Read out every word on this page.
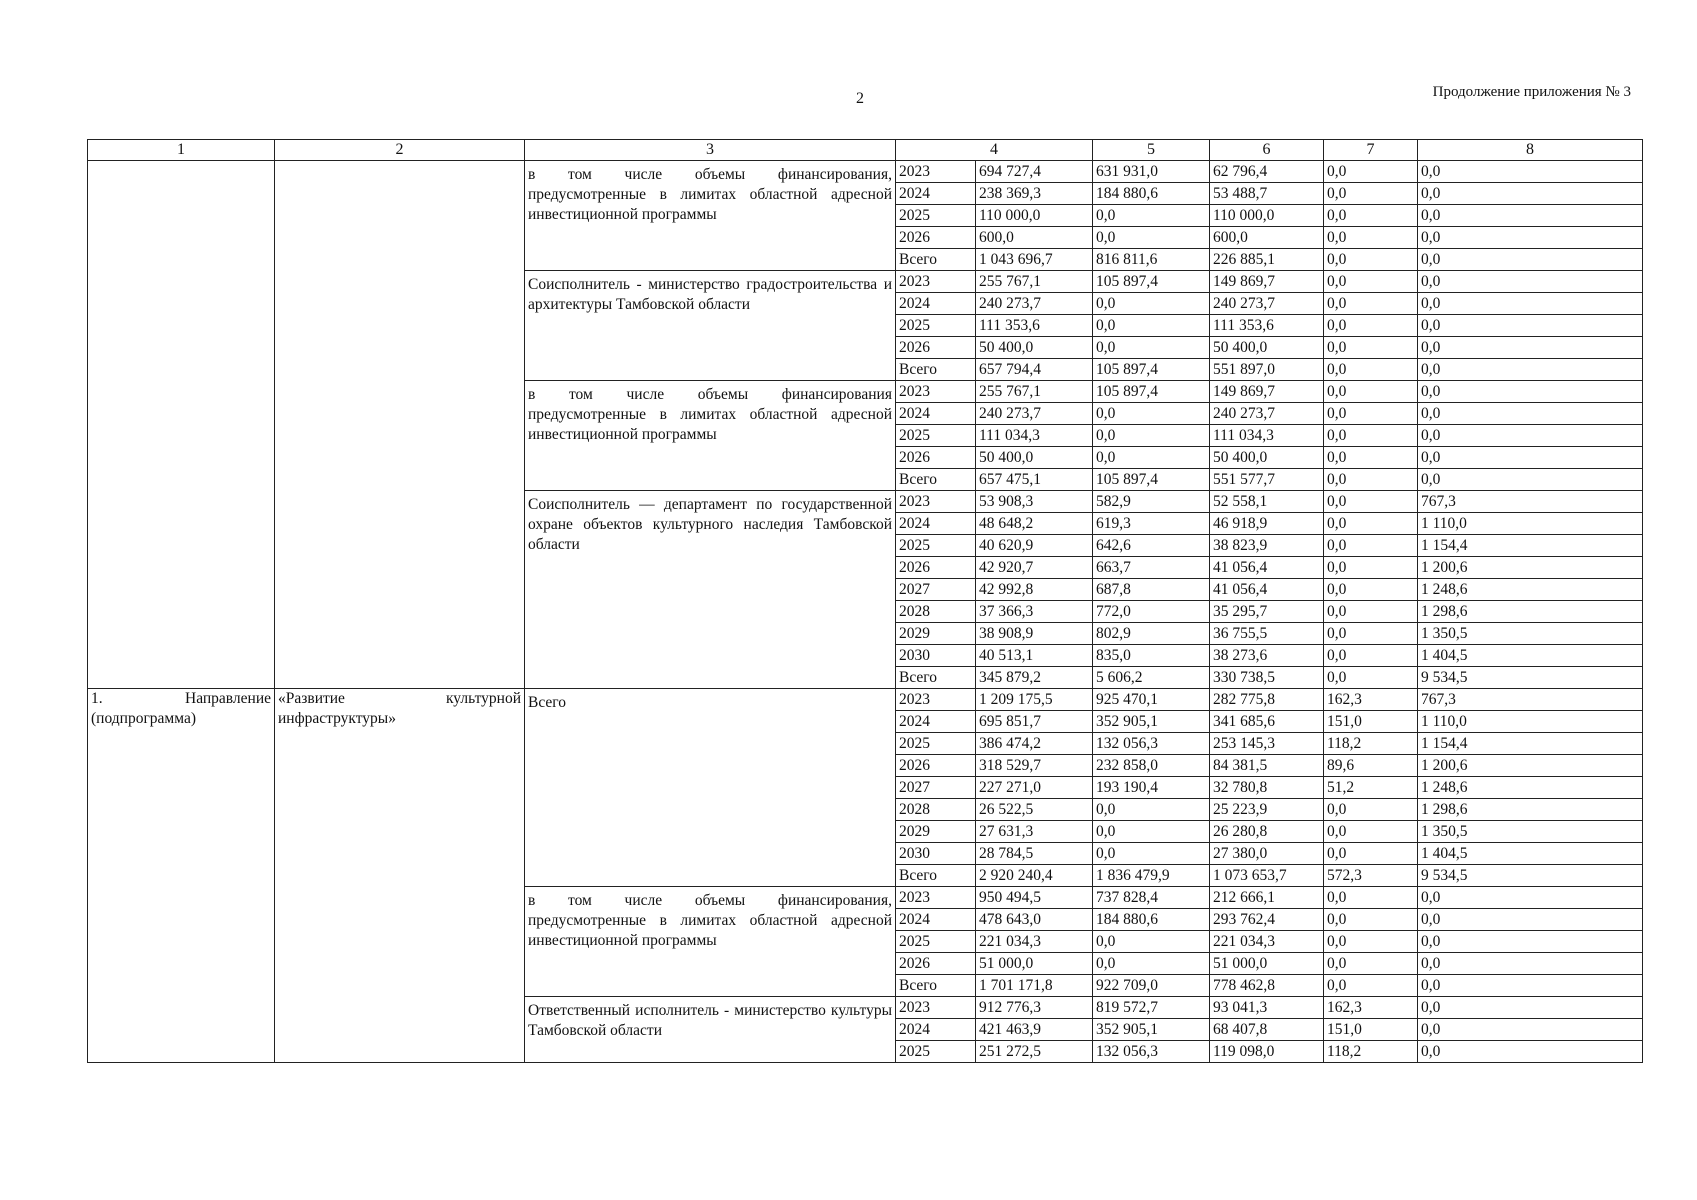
2	Продолжение приложения № 3
1	2	3	4		5	6	7	8
		в том числе объемы финансирования, предусмотренные в лимитах областной адресной инвестиционной программы	2023	694 727,4	631 931,0	62 796,4	0,0	0,0
			2024	238 369,3	184 880,6	53 488,7	0,0	0,0
			2025	110 000,0	0,0	110 000,0	0,0	0,0
			2026	600,0	0,0	600,0	0,0	0,0
			Всего	1 043 696,7	816 811,6	226 885,1	0,0	0,0
		Соисполнитель - министерство градостроительства и архитектуры Тамбовской области	2023	255 767,1	105 897,4	149 869,7	0,0	0,0
			2024	240 273,7	0,0	240 273,7	0,0	0,0
			2025	111 353,6	0,0	111 353,6	0,0	0,0
			2026	50 400,0	0,0	50 400,0	0,0	0,0
			Всего	657 794,4	105 897,4	551 897,0	0,0	0,0
		в том числе объемы финансирования предусмотренные в лимитах областной адресной инвестиционной программы	2023	255 767,1	105 897,4	149 869,7	0,0	0,0
			2024	240 273,7	0,0	240 273,7	0,0	0,0
			2025	111 034,3	0,0	111 034,3	0,0	0,0
			2026	50 400,0	0,0	50 400,0	0,0	0,0
			Всего	657 475,1	105 897,4	551 577,7	0,0	0,0
		Соисполнитель — департамент по государственной охране объектов культурного наследия Тамбовской области	2023	53 908,3	582,9	52 558,1	0,0	767,3
			2024	48 648,2	619,3	46 918,9	0,0	1 110,0
			2025	40 620,9	642,6	38 823,9	0,0	1 154,4
			2026	42 920,7	663,7	41 056,4	0,0	1 200,6
			2027	42 992,8	687,8	41 056,4	0,0	1 248,6
			2028	37 366,3	772,0	35 295,7	0,0	1 298,6
			2029	38 908,9	802,9	36 755,5	0,0	1 350,5
			2030	40 513,1	835,0	38 273,6	0,0	1 404,5
			Всего	345 879,2	5 606,2	330 738,5	0,0	9 534,5
1. Направление (подпрограмма)	«Развитие культурной инфраструктуры»	Всего	2023	1 209 175,5	925 470,1	282 775,8	162,3	767,3
			2024	695 851,7	352 905,1	341 685,6	151,0	1 110,0
			2025	386 474,2	132 056,3	253 145,3	118,2	1 154,4
			2026	318 529,7	232 858,0	84 381,5	89,6	1 200,6
			2027	227 271,0	193 190,4	32 780,8	51,2	1 248,6
			2028	26 522,5	0,0	25 223,9	0,0	1 298,6
			2029	27 631,3	0,0	26 280,8	0,0	1 350,5
			2030	28 784,5	0,0	27 380,0	0,0	1 404,5
			Всего	2 920 240,4	1 836 479,9	1 073 653,7	572,3	9 534,5
		в том числе объемы финансирования, предусмотренные в лимитах областной адресной инвестиционной программы	2023	950 494,5	737 828,4	212 666,1	0,0	0,0
			2024	478 643,0	184 880,6	293 762,4	0,0	0,0
			2025	221 034,3	0,0	221 034,3	0,0	0,0
			2026	51 000,0	0,0	51 000,0	0,0	0,0
			Всего	1 701 171,8	922 709,0	778 462,8	0,0	0,0
		Ответственный исполнитель - министерство культуры Тамбовской области	2023	912 776,3	819 572,7	93 041,3	162,3	0,0
			2024	421 463,9	352 905,1	68 407,8	151,0	0,0
			2025	251 272,5	132 056,3	119 098,0	118,2	0,0
